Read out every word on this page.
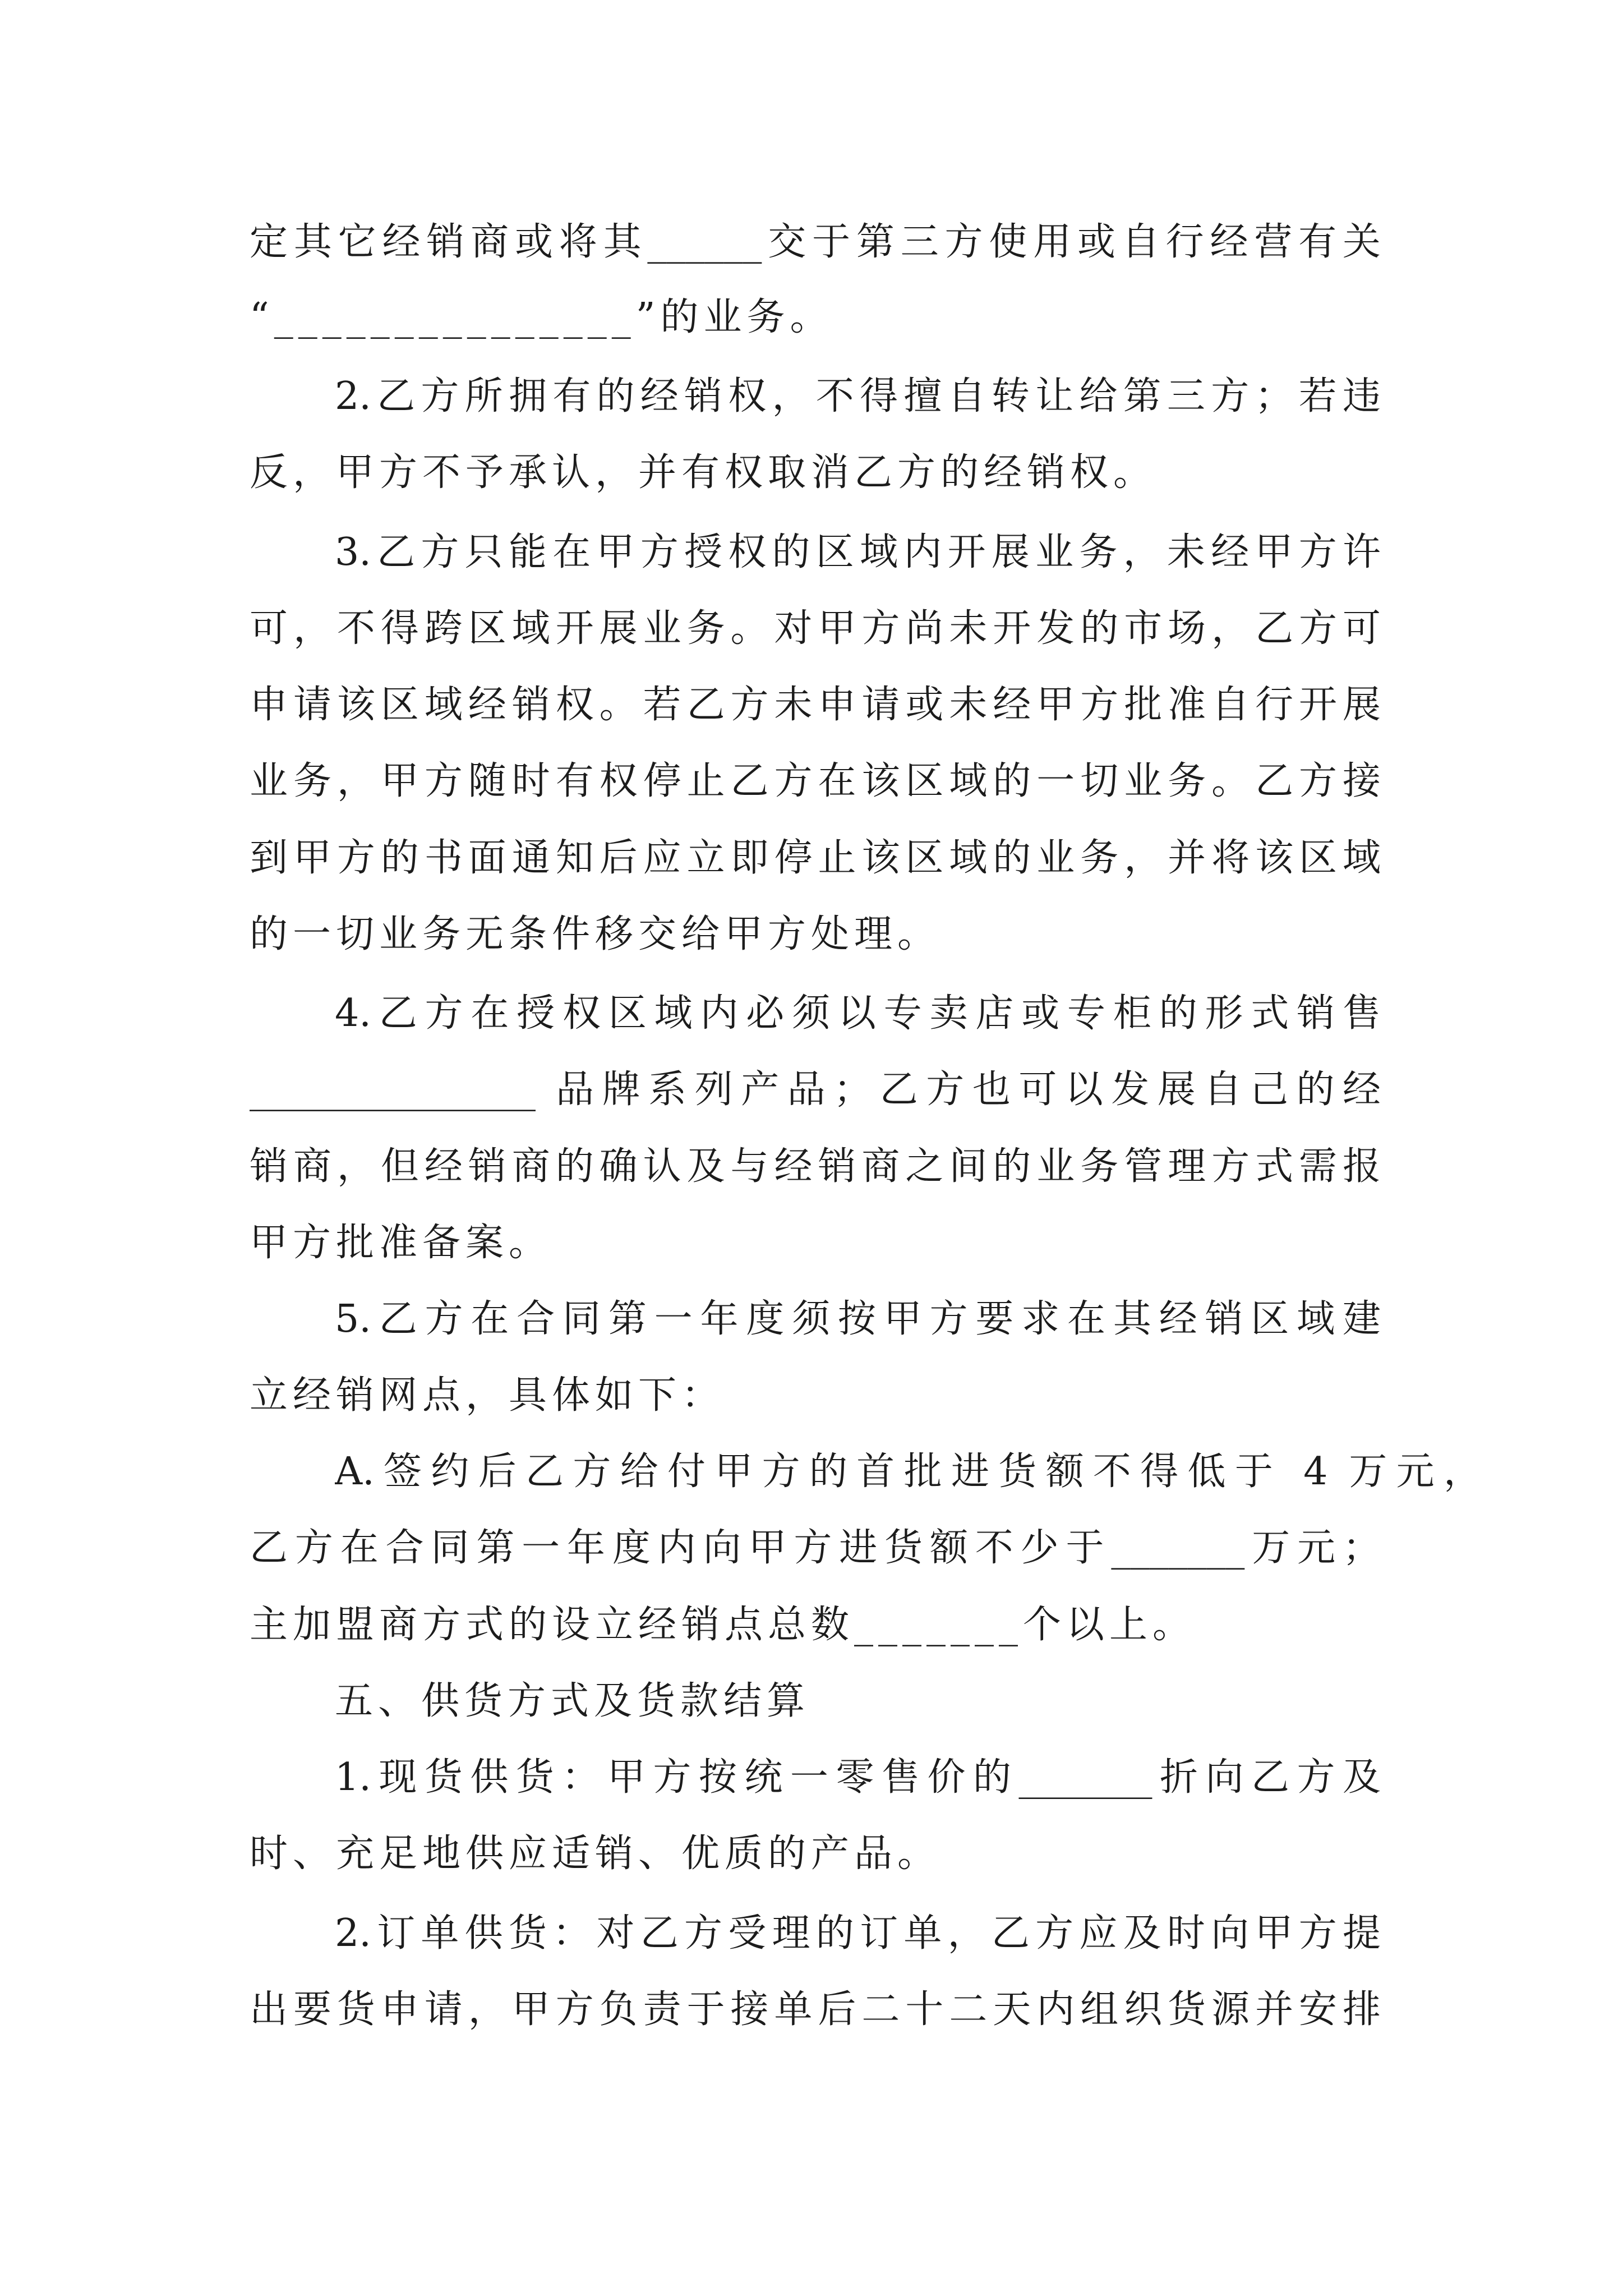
定其它经销商或将其______交于第三方使用或自行经营有关
“_______________”的业务。
2.乙方所拥有的经销权，不得擅自转让给第三方；若违
反，甲方不予承认，并有权取消乙方的经销权。
3.乙方只能在甲方授权的区域内开展业务，未经甲方许
可，不得跨区域开展业务。对甲方尚未开发的市场，乙方可
申请该区域经销权。若乙方未申请或未经甲方批准自行开展
业务，甲方随时有权停止乙方在该区域的一切业务。乙方接
到甲方的书面通知后应立即停止该区域的业务，并将该区域
的一切业务无条件移交给甲方处理。
4.乙方在授权区域内必须以专卖店或专柜的形式销售
_______________ 品牌系列产品；乙方也可以发展自己的经
销商，但经销商的确认及与经销商之间的业务管理方式需报
甲方批准备案。
5.乙方在合同第一年度须按甲方要求在其经销区域建
立经销网点，具体如下：
A.签约后乙方给付甲方的首批进货额不得低于 4 万元，
乙方在合同第一年度内向甲方进货额不少于_______万元；
主加盟商方式的设立经销点总数_______个以上。
五、供货方式及货款结算
1.现货供货：甲方按统一零售价的_______折向乙方及
时、充足地供应适销、优质的产品。
2.订单供货：对乙方受理的订单，乙方应及时向甲方提
出要货申请，甲方负责于接单后二十二天内组织货源并安排
